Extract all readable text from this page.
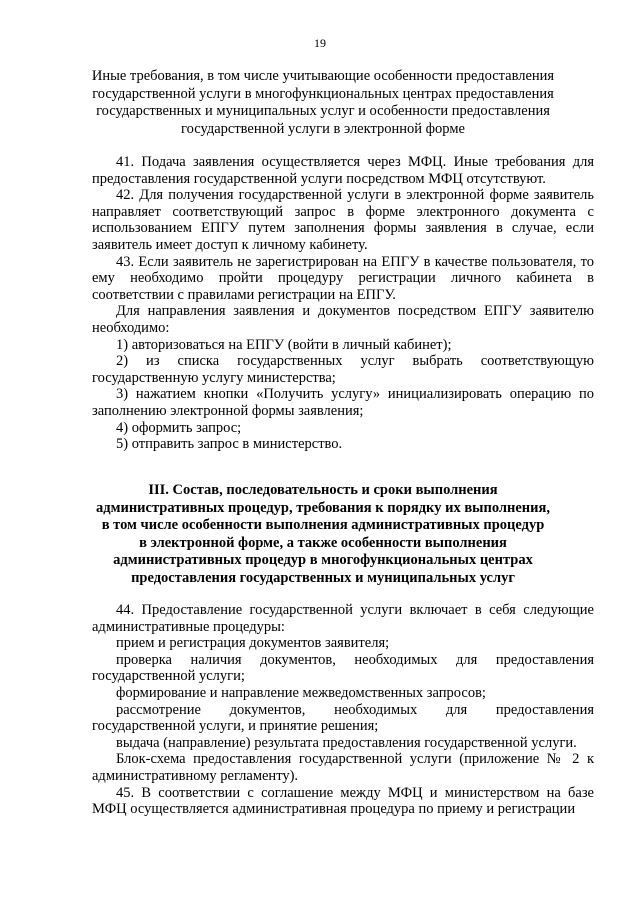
19
Иные требования, в том числе учитывающие особенности предоставления
государственной услуги в многофункциональных центрах предоставления
государственных и муниципальных услуг и особенности предоставления
государственной услуги в электронной форме

41. Подача заявления осуществляется через МФЦ. Иные требования для предоставления государственной услуги посредством МФЦ отсутствуют.

42. Для получения государственной услуги в электронной форме заявитель направляет соответствующий запрос в форме электронного документа с использованием ЕПГУ путем заполнения формы заявления в случае, если заявитель имеет доступ к личному кабинету.

43. Если заявитель не зарегистрирован на ЕПГУ в качестве пользователя, то ему необходимо пройти процедуру регистрации личного кабинета в соответствии с правилами регистрации на ЕПГУ.

Для направления заявления и документов посредством ЕПГУ заявителю необходимо:

1) авторизоваться на ЕПГУ (войти в личный кабинет);

2) из списка государственных услуг выбрать соответствующую государственную услугу министерства;

3) нажатием кнопки «Получить услугу» инициализировать операцию по заполнению электронной формы заявления;

4) оформить запрос;

5) отправить запрос в министерство.

III. Состав, последовательность и сроки выполнения
административных процедур, требования к порядку их выполнения,
в том числе особенности выполнения административных процедур
в электронной форме, а также особенности выполнения
административных процедур в многофункциональных центрах
предоставления государственных и муниципальных услуг

44. Предоставление государственной услуги включает в себя следующие административные процедуры:

прием и регистрация документов заявителя;

проверка наличия документов, необходимых для предоставления государственной услуги;

формирование и направление межведомственных запросов;

рассмотрение документов, необходимых для предоставления государственной услуги, и принятие решения;

выдача (направление) результата предоставления государственной услуги.

Блок-схема предоставления государственной услуги (приложение № 2 к административному регламенту).

45. В соответствии с соглашение между МФЦ и министерством на базе МФЦ осуществляется административная процедура по приему и регистрации
